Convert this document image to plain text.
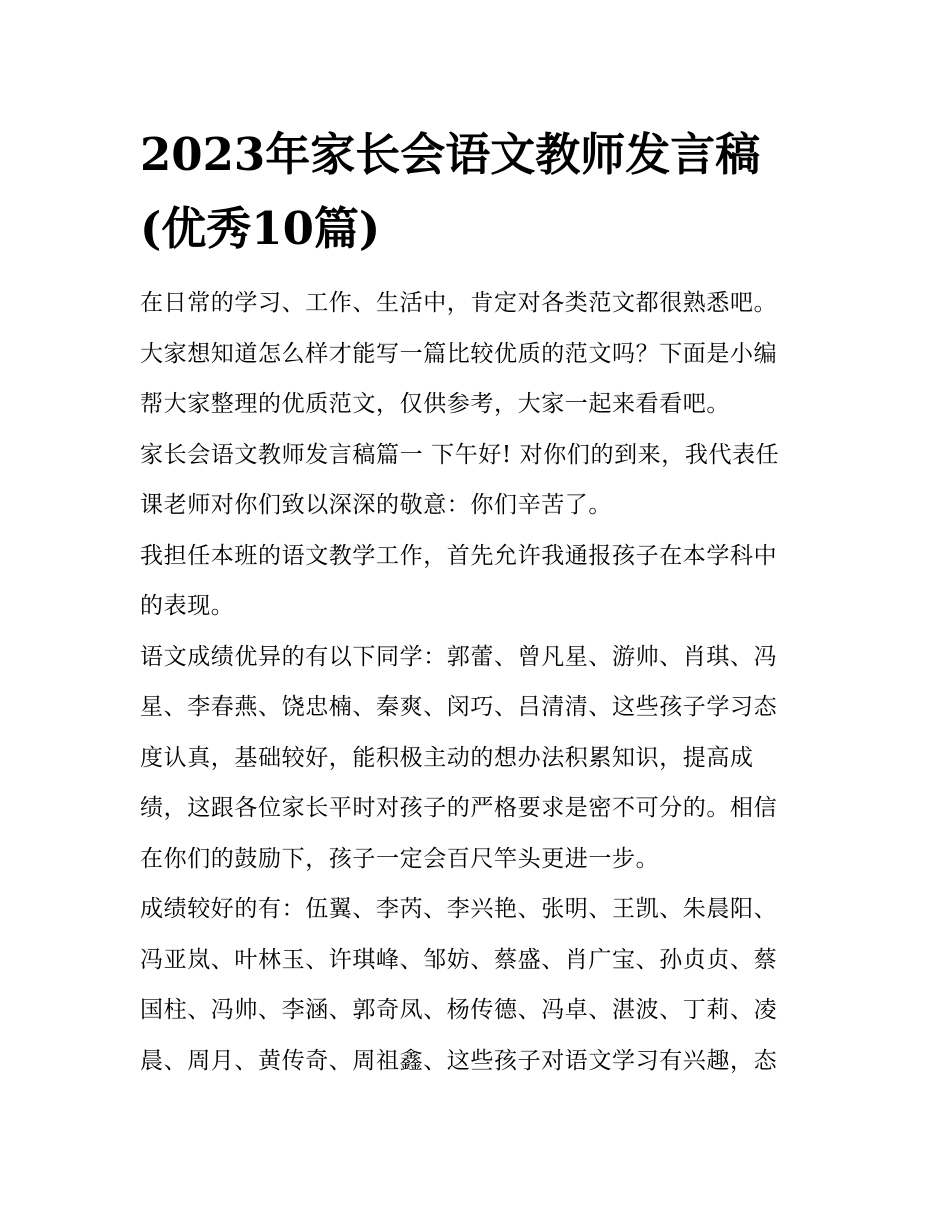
2023年家长会语文教师发言稿
(优秀10篇)
在日常的学习、工作、生活中，肯定对各类范文都很熟悉吧。
大家想知道怎么样才能写一篇比较优质的范文吗？下面是小编
帮大家整理的优质范文，仅供参考，大家一起来看看吧。
家长会语文教师发言稿篇一 下午好! 对你们的到来，我代表任
课老师对你们致以深深的敬意：你们辛苦了。
我担任本班的语文教学工作，首先允许我通报孩子在本学科中
的表现。
语文成绩优异的有以下同学：郭蕾、曾凡星、游帅、肖琪、冯
星、李春燕、饶忠楠、秦爽、闵巧、吕清清、这些孩子学习态
度认真，基础较好，能积极主动的想办法积累知识，提高成
绩，这跟各位家长平时对孩子的严格要求是密不可分的。相信
在你们的鼓励下，孩子一定会百尺竿头更进一步。
成绩较好的有：伍翼、李芮、李兴艳、张明、王凯、朱晨阳、
冯亚岚、叶林玉、许琪峰、邹妨、蔡盛、肖广宝、孙贞贞、蔡
国柱、冯帅、李涵、郭奇凤、杨传德、冯卓、湛波、丁莉、凌
晨、周月、黄传奇、周祖鑫、这些孩子对语文学习有兴趣，态
